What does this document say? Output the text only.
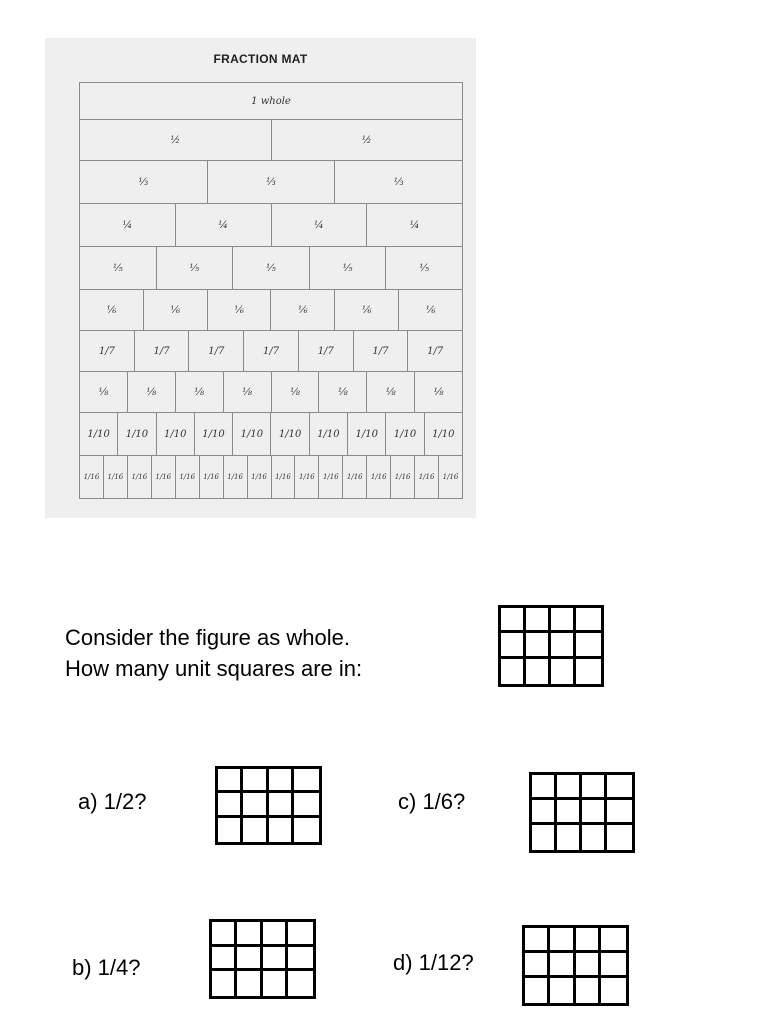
FRACTION MAT
1 whole
½	½
⅓	⅓	⅓
¼	¼	¼	¼
⅕	⅕	⅕	⅕	⅕
⅙	⅙	⅙	⅙	⅙	⅙
1/7	1/7	1/7	1/7	1/7	1/7	1/7
⅛	⅛	⅛	⅛	⅛	⅛	⅛	⅛
1/10	1/10	1/10	1/10	1/10	1/10	1/10	1/10	1/10	1/10
1/16	1/16	1/16	1/16	1/16	1/16	1/16	1/16	1/16	1/16	1/16	1/16	1/16	1/16	1/16	1/16
Consider the figure as whole.
How many unit squares are in:
a) 1/2?	c) 1/6?
b) 1/4?	d) 1/12?
